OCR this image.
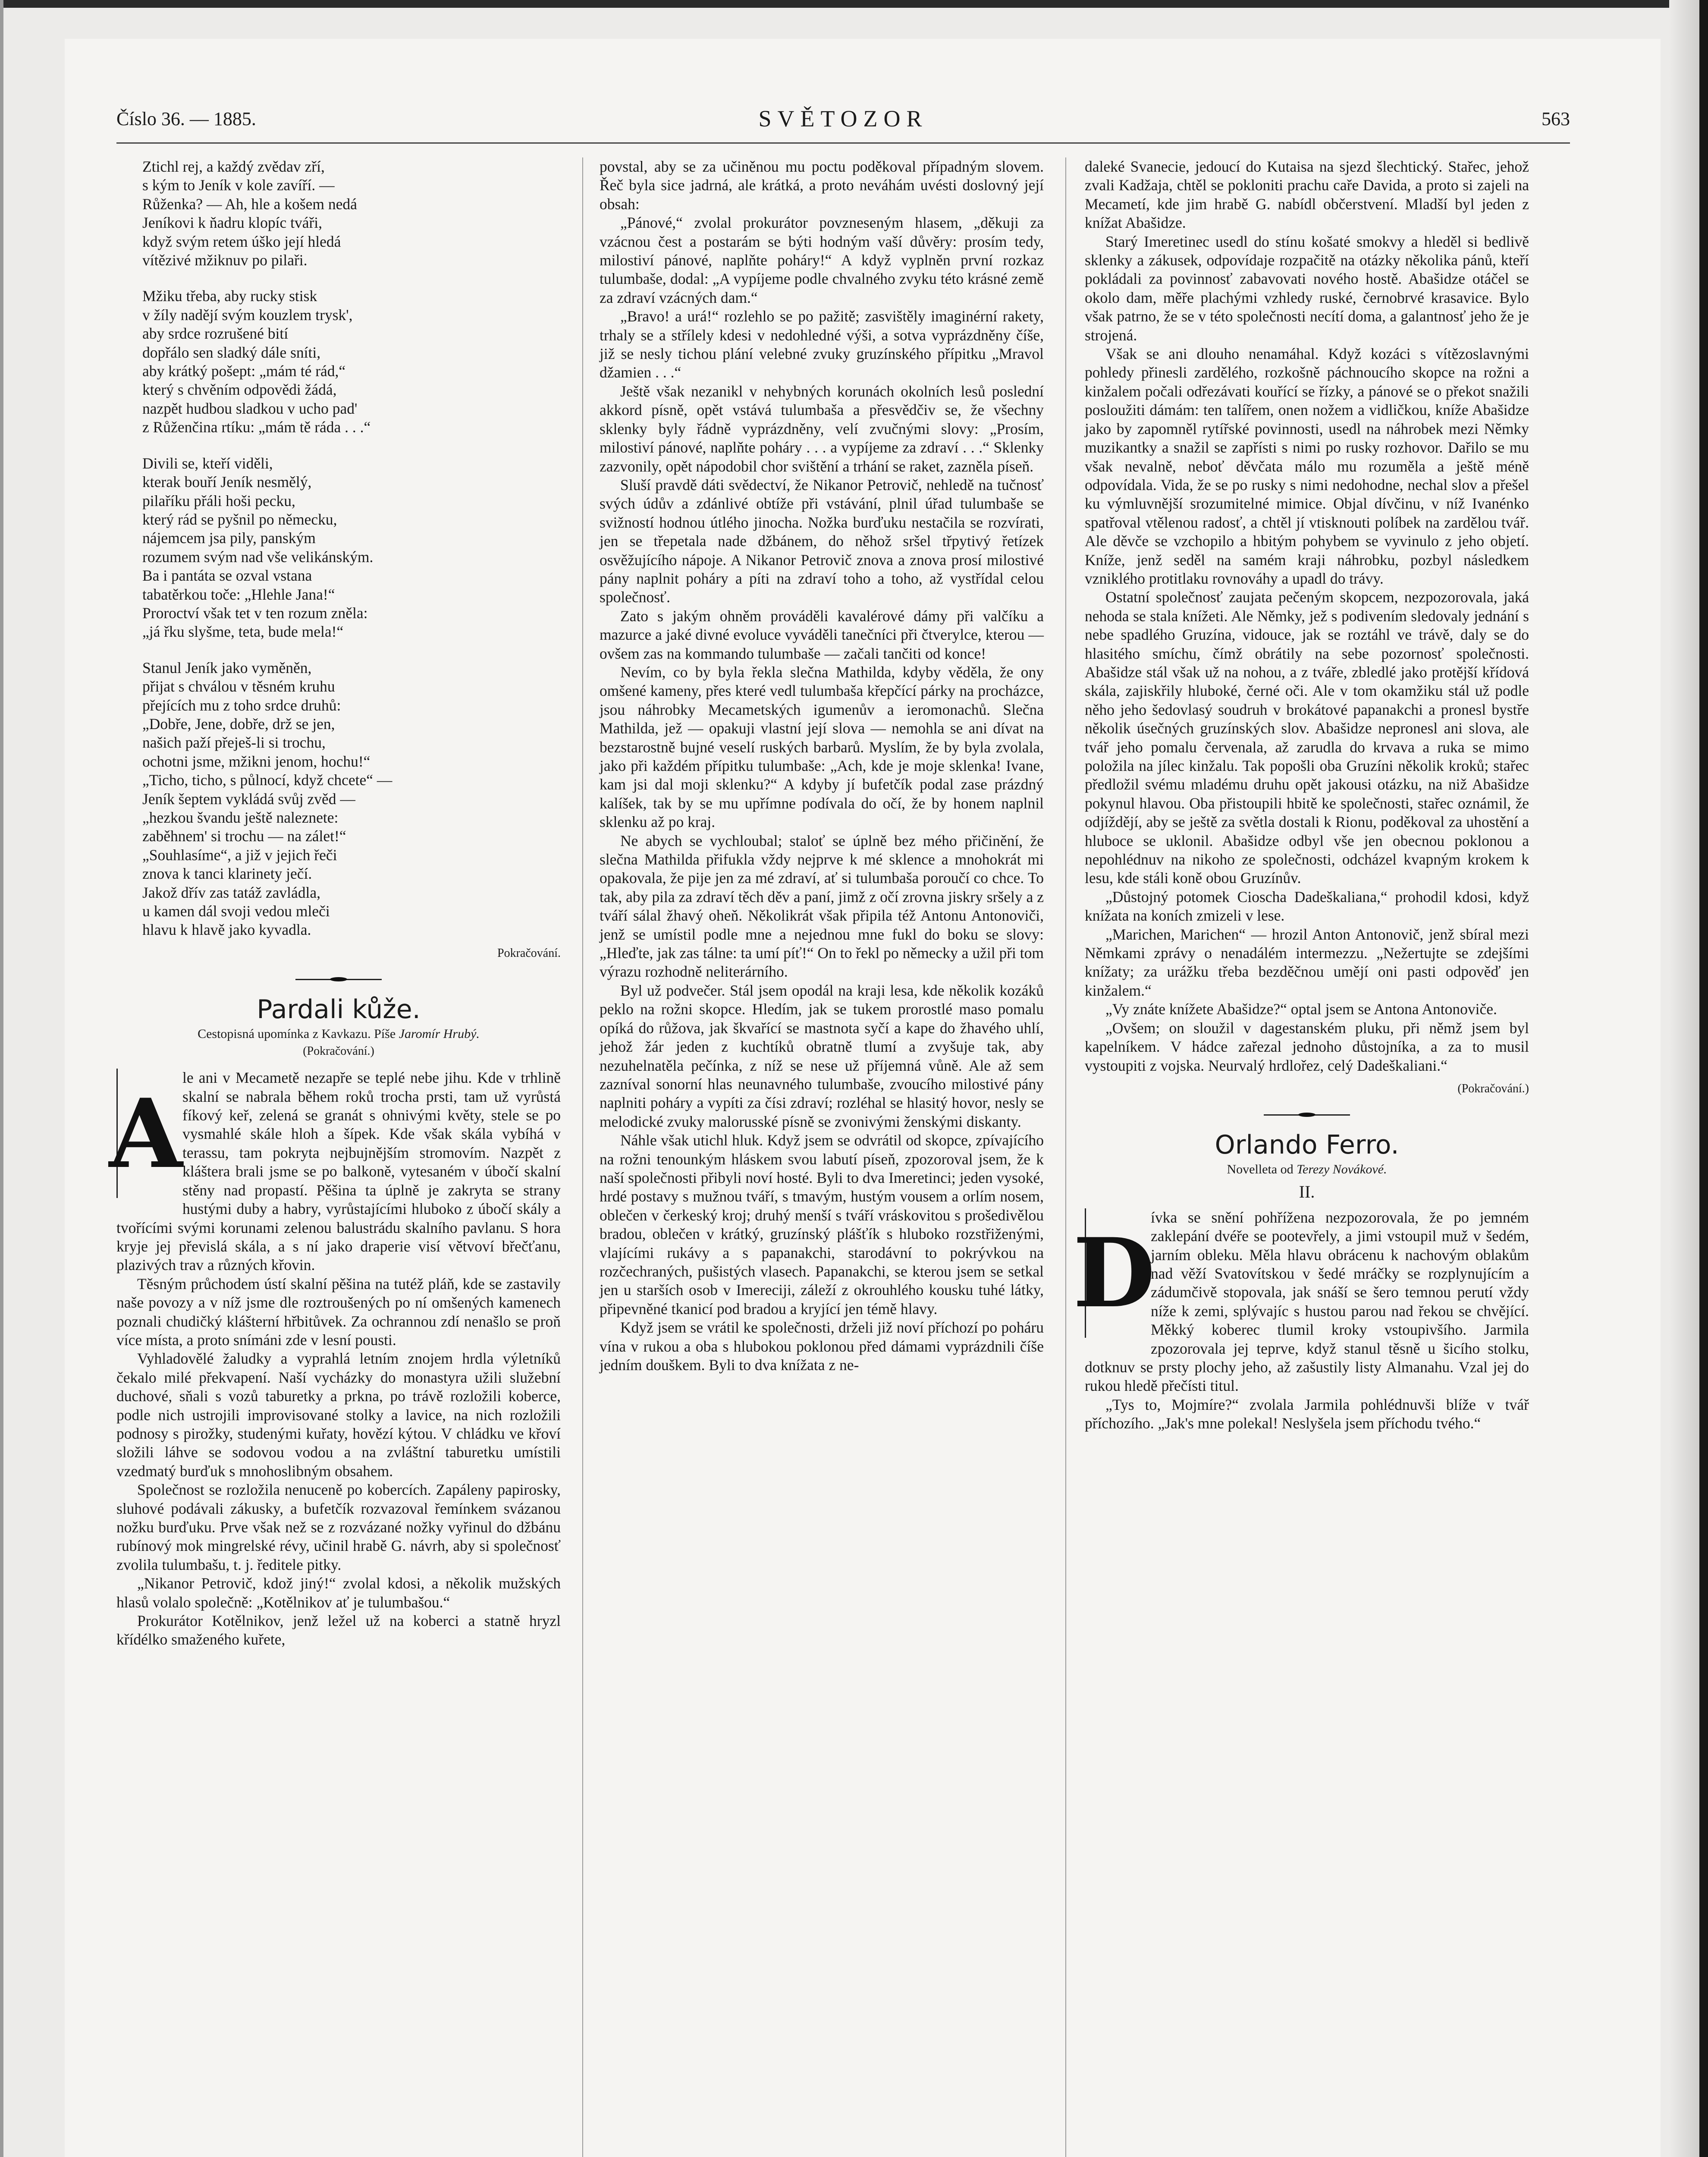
Číslo 36. — 1885.	SVĚTOZOR	563
Ztichl rej, a každý zvědav zří,
s kým to Jeník v kole zavíří. —
Růženka? — Ah, hle a košem nedá
Jeníkovi k ňadru klopíc tváři,
když svým retem úško její hledá
vítězivé mžiknuv po pilaři.
Mžiku třeba, aby rucky stisk
v žíly nadějí svým kouzlem trysk',
aby srdce rozrušené bití
dopřálo sen sladký dále sníti,
aby krátký pošept: „mám té rád,“
který s chvěním odpovědi žádá,
nazpět hudbou sladkou v ucho pad'
z Růženčina rtíku: „mám tě ráda . . .“
Divili se, kteří viděli,
kterak bouří Jeník nesmělý,
pilaříku přáli hoši pecku,
který rád se pyšnil po německu,
nájemcem jsa pily, panským
rozumem svým nad vše velikánským.
Ba i pantáta se ozval vstana
tabatěrkou toče: „Hlehle Jana!“
Proroctví však tet v ten rozum zněla:
„já řku slyšme, teta, bude mela!“
Stanul Jeník jako vyměněn,
přijat s chválou v těsném kruhu
přejících mu z toho srdce druhů:
„Dobře, Jene, dobře, drž se jen,
našich paží přeješ-li si trochu,
ochotni jsme, mžikni jenom, hochu!“
„Ticho, ticho, s půlnocí, když chcete“ —
Jeník šeptem vykládá svůj zvěd —
„hezkou švandu ještě naleznete:
zaběhnem' si trochu — na zálet!“
„Souhlasíme“, a již v jejich řeči
znova k tanci klarinety ječí.
Jakož dřív zas tatáž zavládla,
u kamen dál svoji vedou mleči
hlavu k hlavě jako kyvadla.
Pokračování.
Pardali kůže.
Cestopisná upomínka z Kavkazu. Píše Jaromír Hrubý.
(Pokračování.)
A le ani v Mecametě nezapře se teplé nebe jihu. Kde v trhlině skalní se nabrala během roků trocha prsti, tam už vyrůstá fíkový keř, zelená se granát s ohnivými květy, stele se po vysmahlé skále hloh a šípek. Kde však skála vybíhá v terassu, tam pokryta nejbujnějším stromovím. Nazpět z kláštera brali jsme se po balkoně, vytesaném v úbočí skalní stěny nad propastí. Pěšina ta úplně je zakryta se strany hustými duby a habry, vyrůstajícími hluboko z úbočí skály a tvořícími svými korunami zelenou balustrádu skalního pavlanu. S hora kryje jej převislá skála, a s ní jako draperie visí větvoví břečťanu, plazivých trav a různých křovin.

Těsným průchodem ústí skalní pěšina na tutéž pláň, kde se zastavily naše povozy a v níž jsme dle roztroušených po ní omšených kamenech poznali chudičký klášterní hřbitůvek. Za ochrannou zdí nenašlo se proň více místa, a proto snímáni zde v lesní pousti.

Vyhladovělé žaludky a vyprahlá letním znojem hrdla výletníků čekalo milé překvapení. Naší vycházky do monastyra užili služební duchové, sňali s vozů taburetky a prkna, po trávě rozložili koberce, podle nich ustrojili improvisované stolky a lavice, na nich rozložili podnosy s pirožky, studenými kuřaty, hovězí kýtou. V chládku ve křoví složili láhve se sodovou vodou a na zvláštní taburetku umístili vzedmatý burďuk s mnohoslibným obsahem.

Společnost se rozložila nenuceně po kobercích. Zapáleny papirosky, sluhové podávali zákusky, a bufetčík rozvazoval řemínkem svázanou nožku burďuku. Prve však než se z rozvázané nožky vyřinul do džbánu rubínový mok mingrelské révy, učinil hrabě G. návrh, aby si společnosť zvolila tulumbašu, t. j. ředitele pitky.

„Nikanor Petrovič, kdož jiný!“ zvolal kdosi, a několik mužských hlasů volalo společně: „Kotělnikov ať je tulumbašou.“

Prokurátor Kotělnikov, jenž ležel už na koberci a statně hryzl křídélko smaženého kuřete,

povstal, aby se za učiněnou mu poctu poděkoval případným slovem. Řeč byla sice jadrná, ale krátká, a proto neváhám uvésti doslovný její obsah:

„Pánové,“ zvolal prokurátor povzneseným hlasem, „děkuji za vzácnou čest a postarám se býti hodným vaší důvěry: prosím tedy, milostiví pánové, naplňte poháry!“ A když vyplněn první rozkaz tulumbaše, dodal: „A vypíjeme podle chvalného zvyku této krásné země za zdraví vzácných dam.“

„Bravo! a urá!“ rozlehlo se po pažitě; zasvištěly imaginérní rakety, trhaly se a střílely kdesi v nedohledné výši, a sotva vyprázdněny číše, již se nesly tichou plání velebné zvuky gruzínského přípitku „Mravol džamien . . .“

Ještě však nezanikl v nehybných korunách okolních lesů poslední akkord písně, opět vstává tulumbaša a přesvědčiv se, že všechny sklenky byly řádně vyprázdněny, velí zvučnými slovy: „Prosím, milostiví pánové, naplňte poháry . . . a vypíjeme za zdraví . . .“ Sklenky zazvonily, opět nápodobil chor svištění a trhání se raket, zazněla píseň.

Sluší pravdě dáti svědectví, že Nikanor Petrovič, nehledě na tučnosť svých údův a zdánlivé obtíže při vstávání, plnil úřad tulumbaše se svižností hodnou útlého jinocha. Nožka burďuku nestačila se rozvírati, jen se třepetala nade džbánem, do něhož sršel třpytivý řetízek osvěžujícího nápoje. A Nikanor Petrovič znova a znova prosí milostivé pány naplnit poháry a píti na zdraví toho a toho, až vystřídal celou společnosť.

Zato s jakým ohněm prováděli kavalérové dámy při valčíku a mazurce a jaké divné evoluce vyváděli tanečníci při čtverylce, kterou — ovšem zas na kommando tulumbaše — začali tančiti od konce!

Nevím, co by byla řekla slečna Mathilda, kdyby věděla, že ony omšené kameny, přes které vedl tulumbaša křepčící párky na procházce, jsou náhrobky Mecametských igumenův a ieromonachů. Slečna Mathilda, jež — opakuji vlastní její slova — nemohla se ani dívat na bezstarostně bujné veselí ruských barbarů. Myslím, že by byla zvolala, jako při každém přípitku tulumbaše: „Ach, kde je moje sklenka! Ivane, kam jsi dal moji sklenku?“ A kdyby jí bufetčík podal zase prázdný kalíšek, tak by se mu upřímne podívala do očí, že by honem naplnil sklenku až po kraj.

Ne abych se vychloubal; staloť se úplně bez mého přičinění, že slečna Mathilda přifukla vždy nejprve k mé sklence a mnohokrát mi opakovala, že pije jen za mé zdraví, ať si tulumbaša poroučí co chce. To tak, aby pila za zdraví těch děv a paní, jimž z očí zrovna jiskry sršely a z tváří sálal žhavý oheň. Několikrát však připila též Antonu Antonoviči, jenž se umístil podle mne a nejednou mne fukl do boku se slovy: „Hleďte, jak zas tálne: ta umí píť!“ On to řekl po německy a užil při tom výrazu rozhodně neliterárního.

Byl už podvečer. Stál jsem opodál na kraji lesa, kde několik kozáků peklo na rožni skopce. Hledím, jak se tukem prorostlé maso pomalu opíká do růžova, jak škvařící se mastnota syčí a kape do žhavého uhlí, jehož žár jeden z kuchtíků obratně tlumí a zvyšuje tak, aby nezuhelnatěla pečínka, z níž se nese už příjemná vůně. Ale až sem zazníval sonorní hlas neunavného tulumbaše, zvoucího milostivé pány naplniti poháry a vypíti za čísi zdraví; rozléhal se hlasitý hovor, nesly se melodické zvuky malorusské písně se zvonivými ženskými diskanty.

Náhle však utichl hluk. Když jsem se odvrátil od skopce, zpívajícího na rožni tenounkým hláskem svou labutí píseň, zpozoroval jsem, že k naší společnosti přibyli noví hosté. Byli to dva Imeretinci; jeden vysoké, hrdé postavy s mužnou tváří, s tmavým, hustým vousem a orlím nosem, oblečen v čerkeský kroj; druhý menší s tváří vráskovitou s prošedivělou bradou, oblečen v krátký, gruzínský plášťík s hluboko rozstřiženými, vlajícími rukávy a s papanakchi, starodávní to pokrývkou na rozčechraných, pušistých vlasech. Papanakchi, se kterou jsem se setkal jen u starších osob v Imereciji, záleží z okrouhlého kousku tuhé látky, připevněné tkanicí pod bradou a kryjící jen témě hlavy.

Když jsem se vrátil ke společnosti, drželi již noví příchozí po poháru vína v rukou a oba s hlubokou poklonou před dámami vyprázdnili číše jedním douškem. Byli to dva knížata z ne-

daleké Svanecie, jedoucí do Kutaisa na sjezd šlechtický. Stařec, jehož zvali Kadžaja, chtěl se pokloniti prachu caře Davida, a proto si zajeli na Mecametí, kde jim hrabě G. nabídl občerstvení. Mladší byl jeden z knížat Abašidze.

Starý Imeretinec usedl do stínu košaté smokvy a hleděl si bedlivě sklenky a zákusek, odpovídaje rozpačitě na otázky několika pánů, kteří pokládali za povinnosť zabavovati nového hostě. Abašidze otáčel se okolo dam, měře plachými vzhledy ruské, černobrvé krasavice. Bylo však patrno, že se v této společnosti necítí doma, a galantnosť jeho že je strojená.

Však se ani dlouho nenamáhal. Když kozáci s vítězoslavnými pohledy přinesli zardělého, rozkošně páchnoucího skopce na rožni a kinžalem počali odřezávati kouřící se řízky, a pánové se o překot snažili posloužiti dámám: ten talířem, onen nožem a vidličkou, kníže Abašidze jako by zapomněl rytířské povinnosti, usedl na náhrobek mezi Němky muzikantky a snažil se zapřísti s nimi po rusky rozhovor. Dařilo se mu však nevalně, neboť děvčata málo mu rozuměla a ještě méně odpovídala. Vida, že se po rusky s nimi nedohodne, nechal slov a přešel ku výmluvnější srozumitelné mimice. Objal dívčinu, v níž Ivanénko spatřoval vtělenou radosť, a chtěl jí vtisknouti políbek na zardělou tvář. Ale děvče se vzchopilo a hbitým pohybem se vyvinulo z jeho objetí. Kníže, jenž seděl na samém kraji náhrobku, pozbyl následkem vzniklého protitlaku rovnováhy a upadl do trávy.

Ostatní společnosť zaujata pečeným skopcem, nezpozorovala, jaká nehoda se stala knížeti. Ale Němky, jež s podivením sledovaly jednání s nebe spadlého Gruzína, vidouce, jak se roztáhl ve trávě, daly se do hlasitého smíchu, čímž obrátily na sebe pozornosť společnosti. Abašidze stál však už na nohou, a z tváře, zbledlé jako protější křídová skála, zajiskřily hluboké, černé oči. Ale v tom okamžiku stál už podle něho jeho šedovlasý soudruh v brokátové papanakchi a pronesl bystře několik úsečných gruzínských slov. Abašidze nepronesl ani slova, ale tvář jeho pomalu červenala, až zarudla do krvava a ruka se mimo položila na jílec kinžalu. Tak popošli oba Gruzíni několik kroků; stařec předložil svému mladému druhu opět jakousi otázku, na niž Abašidze pokynul hlavou. Oba přistoupili hbitě ke společnosti, stařec oznámil, že odjíždějí, aby se ještě za světla dostali k Rionu, poděkoval za uhostění a hluboce se uklonil. Abašidze odbyl vše jen obecnou poklonou a nepohlédnuv na nikoho ze společnosti, odcházel kvapným krokem k lesu, kde stáli koně obou Gruzínův.

„Důstojný potomek Cioscha Dadeškaliana,“ prohodil kdosi, když knížata na koních zmizeli v lese.

„Marichen, Marichen“ — hrozil Anton Antonovič, jenž sbíral mezi Němkami zprávy o nenadálém intermezzu. „Nežertujte se zdejšími knížaty; za urážku třeba bezděčnou umějí oni pasti odpověď jen kinžalem.“

„Vy znáte knížete Abašidze?“ optal jsem se Antona Antonoviče.

„Ovšem; on sloužil v dagestanském pluku, při němž jsem byl kapelníkem. V hádce zařezal jednoho důstojníka, a za to musil vystoupiti z vojska. Neurvalý hrdlořez, celý Dadeškaliani.“

(Pokračování.)
Orlando Ferro.
Novelleta od Terezy Novákové.
II.
D

ívka se snění pohřížena nezpozorovala, že po jemném zaklepání dvéře se pootevřely, a jimi vstoupil muž v šedém, jarním obleku. Měla hlavu obrácenu k nachovým oblakům nad věží Svatovítskou v šedé mráčky se rozplynujícím a zádumčivě stopovala, jak snáší se šero temnou perutí vždy níže k zemi, splývajíc s hustou parou nad řekou se chvějící. Měkký koberec tlumil kroky vstoupivšího. Jarmila zpozorovala jej teprve, když stanul těsně u šicího stolku, dotknuv se prsty plochy jeho, až zašustily listy Almanahu. Vzal jej do rukou hledě přečísti titul.

„Tys to, Mojmíre?“ zvolala Jarmila pohlédnuvši blíže v tvář příchozího. „Jak's mne polekal! Neslyšela jsem příchodu tvého.“
